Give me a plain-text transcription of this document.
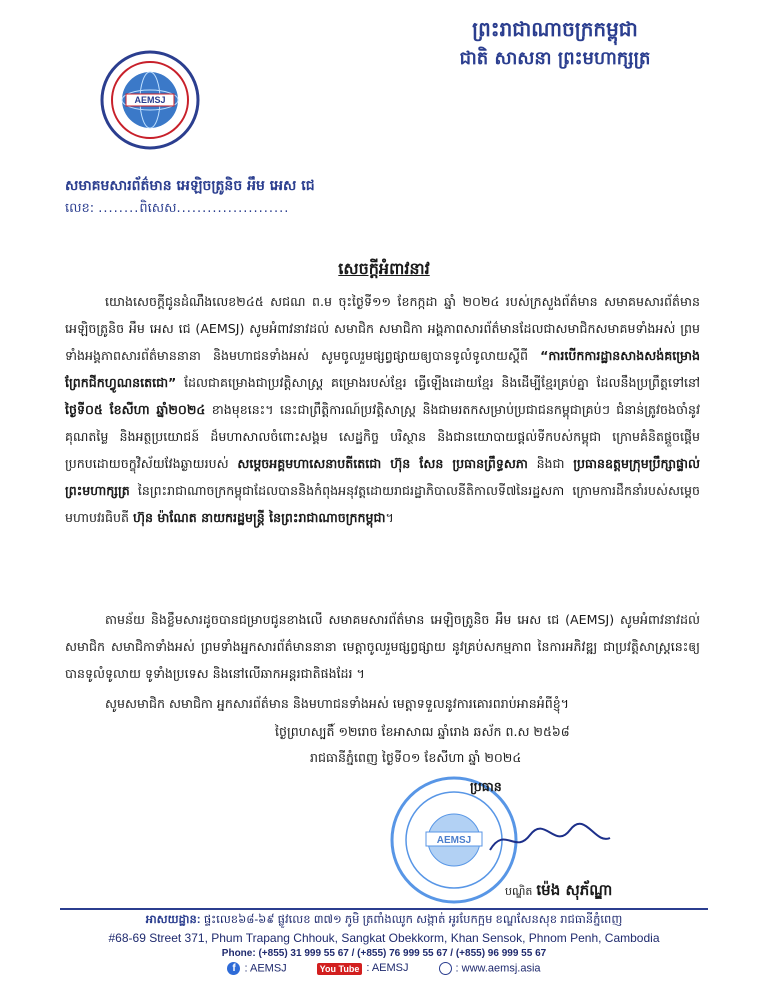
AEMSJ
ព្រះរាជាណាចក្រកម្ពុជា
ជាតិ សាសនា ព្រះមហាក្សត្រ
សមាគមសារព័ត៌មាន អេឡិចត្រូនិច អឹម អេស ជេ
លេខ: ........ពិសេស......................
សេចក្តីអំពាវនាវ
យោងសេចក្តីជូនដំណឹងលេខ២៤៥ សជណ ព.ម ចុះថ្ងៃទី១១ ខែកក្កដា ឆ្នាំ ២០២៤ របស់ក្រសួងព័ត៌មាន សមាគមសារព័ត៌មាន អេឡិចត្រូនិច អឹម អេស ជេ (AEMSJ) សូមអំពាវនាវដល់ សមាជិក សមាជិកា អង្គភាពសារព័ត៌មានដែលជាសមាជិកសមាគមទាំងអស់ ព្រមទាំងអង្គភាពសារព័ត៌មាននានា និងមហាជនទាំងអស់ សូមចូលរួមផ្សព្វផ្សាយឲ្យបានទូលំទូលាយស្តីពី “ការបើកការដ្ឋានសាងសង់គម្រោង ព្រែកជីកហ្វូណនតេជោ” ដែលជាគម្រោងជាប្រវត្តិសាស្រ្ត គម្រោងរបស់ខ្មែរ ធ្វើឡើងដោយខ្មែរ និងដើម្បីខ្មែរគ្រប់គ្នា ដែលនឹងប្រព្រឹត្តទៅនៅ ថ្ងៃទី០៥ ខែសីហា ឆ្នាំ២០២៤ ខាងមុខនេះ។ នេះជាព្រឹត្តិការណ៍ប្រវត្តិសាស្រ្ត និងជាមរតកសម្រាប់ប្រជាជនកម្ពុជាគ្រប់ៗ ជំនាន់ត្រូវចងចាំនូវ គុណតម្លៃ និងអត្ថប្រយោជន៍ ដ៏មហាសាលចំពោះសង្គម សេដ្ឋកិច្ច បរិស្ថាន និងជានយោបាយផ្តល់ទីកបស់កម្ពុជា ក្រោមគំនិតផ្តួចផ្តើមប្រកបដោយចក្ខុវិស័យវែងឆ្ងាយរបស់ សម្តេចអគ្គមហាសេនាបតីតេជោ ហ៊ុន សែន ប្រធានព្រឹទ្ធសភា និងជា ប្រធានឧត្តមក្រុមប្រឹក្សាផ្ទាល់ព្រះមហាក្សត្រ នៃព្រះរាជាណាចក្រកម្ពុជាដែលបាននិងកំពុងអនុវត្តដោយរាជរដ្ឋាភិបាលនីតិកាលទី៧នៃរដ្ឋសភា ក្រោមការដឹកនាំរបស់សម្តេចមហាបវរធិបតី ហ៊ុន ម៉ាណែត នាយករដ្ឋមន្ត្រី នៃព្រះរាជាណាចក្រកម្ពុជា។
តាមន័យ និងខ្លឹមសារដូចបានជម្រាបជូនខាងលើ សមាគមសារព័ត៌មាន អេឡិចត្រូនិច អឹម អេស ជេ (AEMSJ) សូមអំពាវនាវដល់ សមាជិក សមាជិកាទាំងអស់ ព្រមទាំងអ្នកសារព័ត៌មាននានា មេត្តាចូលរួមផ្សព្វផ្សាយ នូវគ្រប់សកម្មភាព នៃការអភិវឌ្ឍ ជាប្រវត្តិសាស្រ្តនេះឲ្យបានទូលំទូលាយ ទូទាំងប្រទេស និងនៅលើឆាកអន្តរជាតិផងដែរ ។
សូមសមាជិក សមាជិកា អ្នកសារព័ត៌មាន និងមហាជនទាំងអស់ មេត្តាទទួលនូវការគោរពរាប់អានអំពីខ្ញុំ។
ថ្ងៃព្រហស្បតិ៍ ១២រោច ខែអាសាឍ ឆ្នាំរោង ឆស័ក ព.ស ២៥៦៨
រាជធានីភ្នំពេញ ថ្ងៃទី០១ ខែសីហា ឆ្នាំ ២០២៤
AEMSJ
ប្រធាន
បណ្ឌិត ម៉េង សុភ័ណ្ឌា
អាសយដ្ឋាន: ផ្ទះលេខ៦៨-៦៩ ផ្លូវលេខ ៣៧១ ភូមិ ត្រពាំងឈូក សង្កាត់ អូរបែកក្អម ខណ្ឌសែនសុខ រាជធានីភ្នំពេញ
#68-69 Street 371, Phum Trapang Chhouk, Sangkat Obekkorm, Khan Sensok, Phnom Penh, Cambodia
Phone: (+855) 31 999 55 67 / (+855) 76 999 55 67 / (+855) 96 999 55 67
f : AEMSJ	You Tube : AEMSJ	: www.aemsj.asia
